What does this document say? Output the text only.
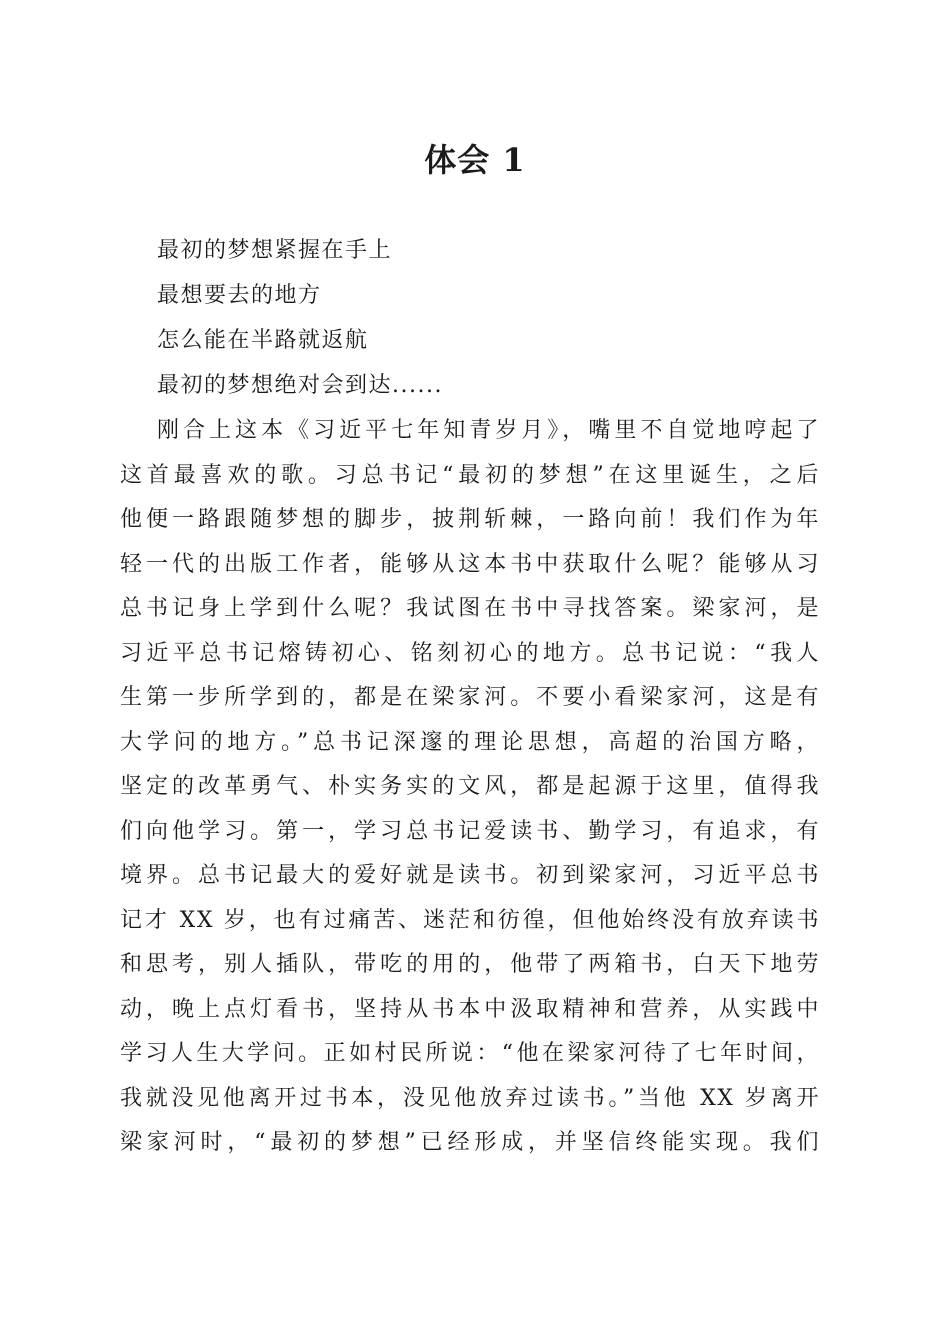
体会 1
最初的梦想紧握在手上
最想要去的地方
怎么能在半路就返航
最初的梦想绝对会到达......
刚合上这本《习近平七年知青岁月》，嘴里不自觉地哼起了
这首最喜欢的歌。习总书记“最初的梦想”在这里诞生，之后
他便一路跟随梦想的脚步，披荆斩棘，一路向前！我们作为年
轻一代的出版工作者，能够从这本书中获取什么呢？能够从习
总书记身上学到什么呢？我试图在书中寻找答案。梁家河，是
习近平总书记熔铸初心、铭刻初心的地方。总书记说：“我人
生第一步所学到的，都是在梁家河。不要小看梁家河，这是有
大学问的地方。”总书记深邃的理论思想，高超的治国方略，
坚定的改革勇气、朴实务实的文风，都是起源于这里，值得我
们向他学习。第一，学习总书记爱读书、勤学习，有追求，有
境界。总书记最大的爱好就是读书。初到梁家河，习近平总书
记才 XX 岁，也有过痛苦、迷茫和彷徨，但他始终没有放弃读书
和思考，别人插队，带吃的用的，他带了两箱书，白天下地劳
动，晚上点灯看书，坚持从书本中汲取精神和营养，从实践中
学习人生大学问。正如村民所说：“他在梁家河待了七年时间，
我就没见他离开过书本，没见他放弃过读书。”当他 XX 岁离开
梁家河时，“最初的梦想”已经形成，并坚信终能实现。我们
